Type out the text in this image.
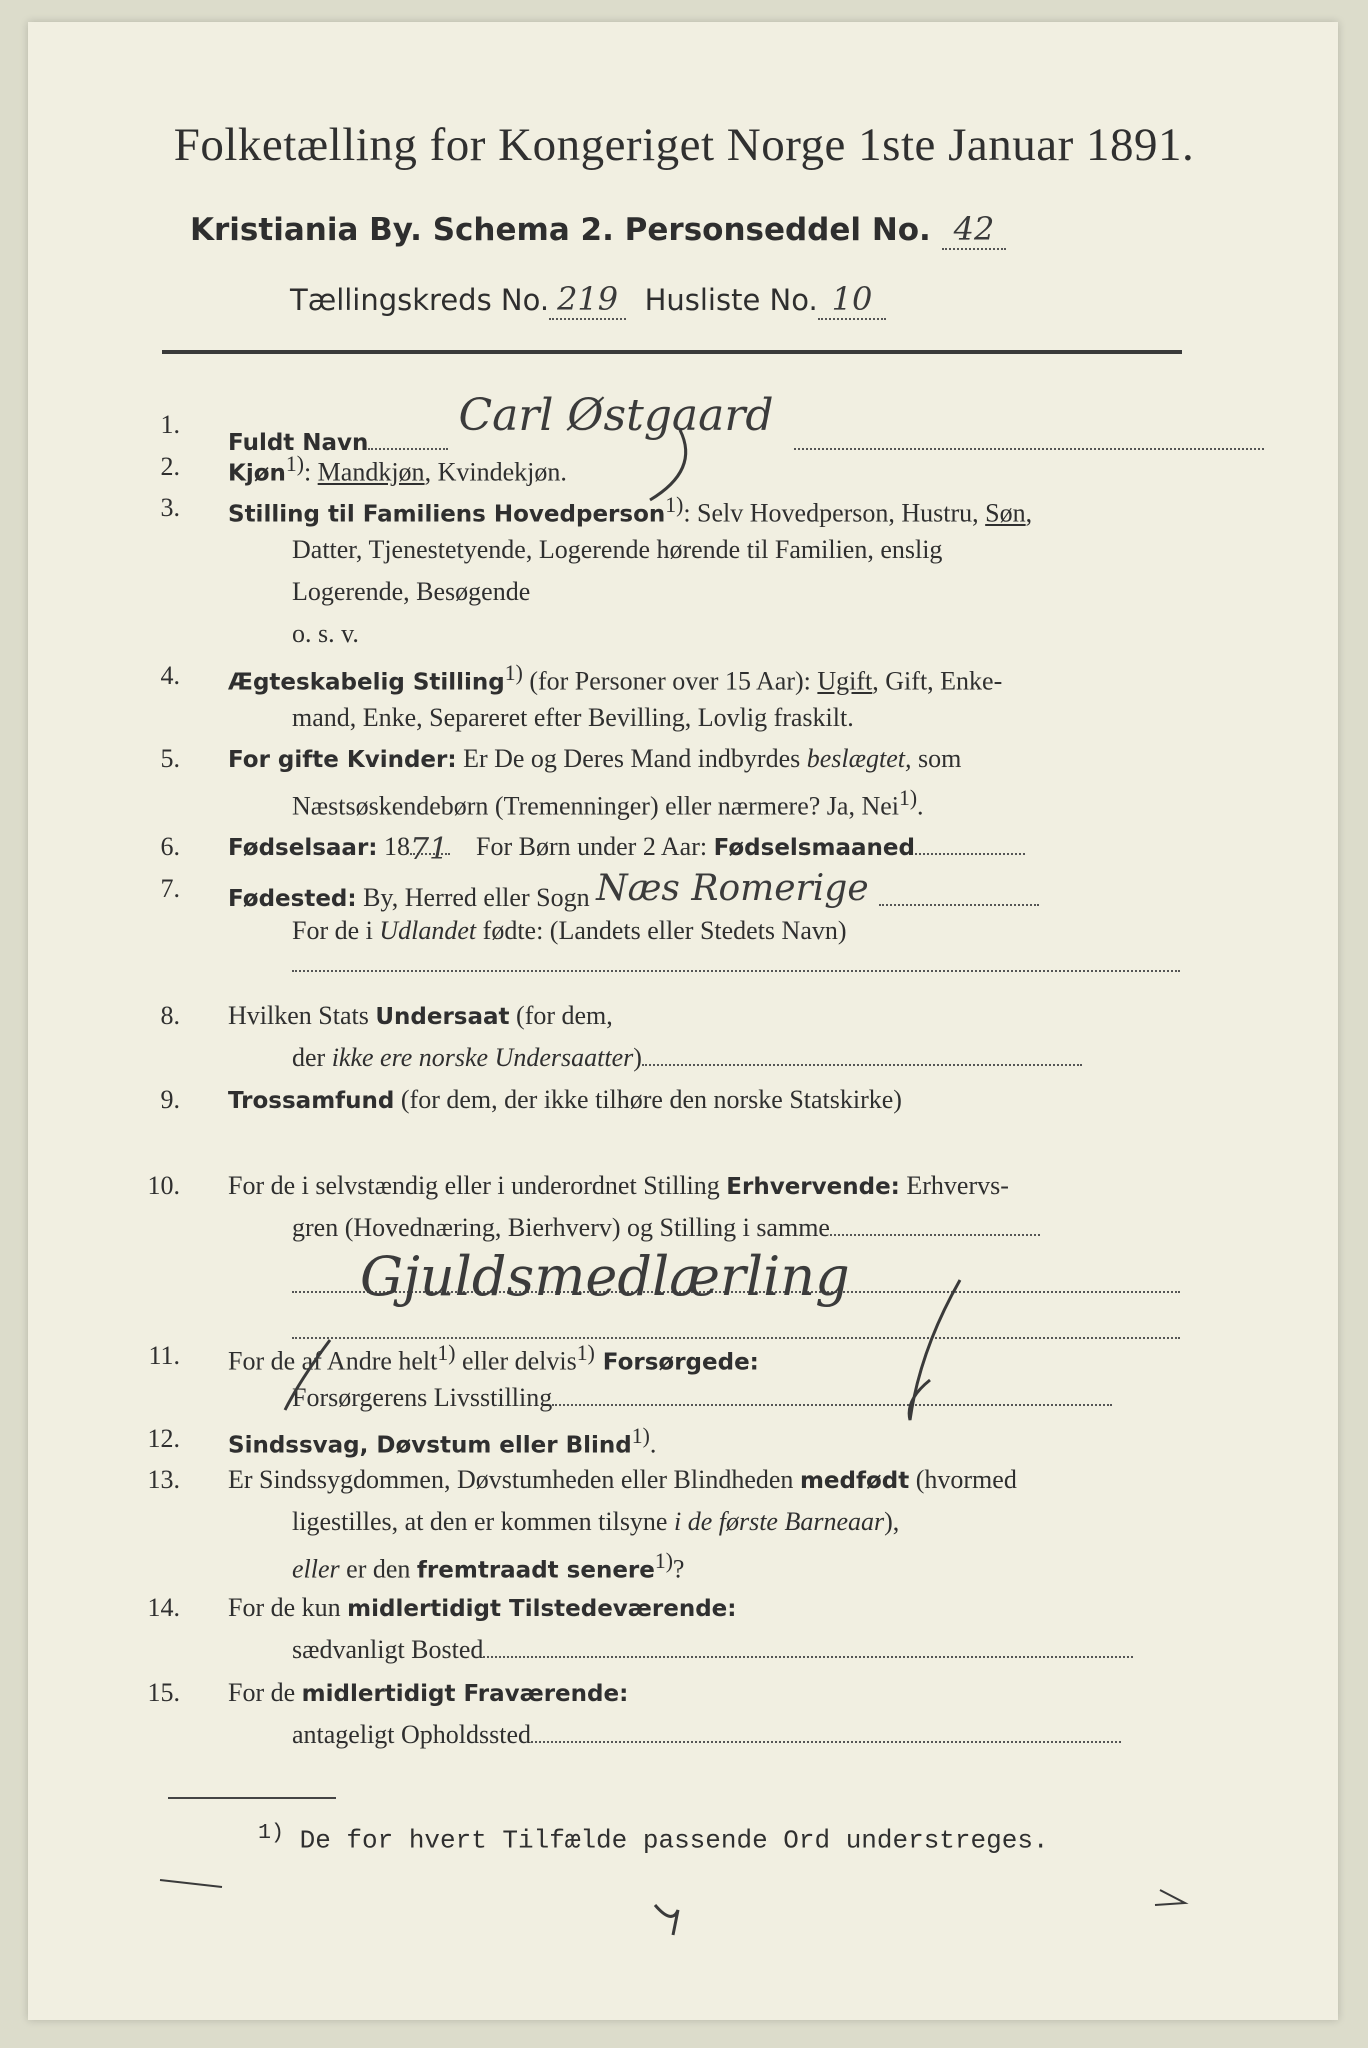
Folketælling for Kongeriget Norge 1ste Januar 1891.
Kristiania By. Schema 2. Personseddel No. 42
Tællingskreds No. 219 Husliste No. 10
1.
Fuldt NavnCarl Østgaard
2. Kjøn$^{1)}$: Mandkjøn, Kvindekjøn.
3. Stilling til Familiens Hovedperson$^{1)}$: Selv Hovedperson, Hustru, Søn,
Datter, Tjenestetyende, Logerende hørende til Familien, enslig
Logerende, Besøgende
o. s. v.
4. Ægteskabelig Stilling$^{1)}$ (for Personer over 15 Aar): Ugift, Gift, Enke-
mand, Enke, Separeret efter Bevilling, Lovlig fraskilt.
5. For gifte Kvinder: Er De og Deres Mand indbyrdes beslægtet, som
Næstsøskendebørn (Tremenninger) eller nærmere? Ja, Nei$^{1)}$.
6. Fødselsaar: 18 71 For Børn under 2 Aar: Fødselsmaaned
7. Fødested: By, Herred eller Sogn Næs Romerige
For de i Udlandet fødte: (Landets eller Stedets Navn)
8. Hvilken Stats Undersaat (for dem,
der ikke ere norske Undersaatter)
9. Trossamfund (for dem, der ikke tilhøre den norske Statskirke)
10. For de i selvstændig eller i underordnet Stilling Erhvervende: Erhvervs-
gren (Hovednæring, Bierhverv) og Stilling i samme
Gjuldsmedlærling
11. For de af Andre helt$^{1)}$ eller delvis$^{1)}$ Forsørgede:
Forsørgerens Livsstilling
12. Sindssvag, Døvstum eller Blind$^{1)}$.
13. Er Sindssygdommen, Døvstumheden eller Blindheden medfødt (hvormed
ligestilles, at den er kommen tilsyne i de første Barneaar),
eller er den fremtraadt senere$^{1)}$?
14. For de kun midlertidigt Tilstedeværende:
sædvanligt Bosted
15. For de midlertidigt Fraværende:
antageligt Opholdssted
$^{1)}$ De for hvert Tilfælde passende Ord understreges.
